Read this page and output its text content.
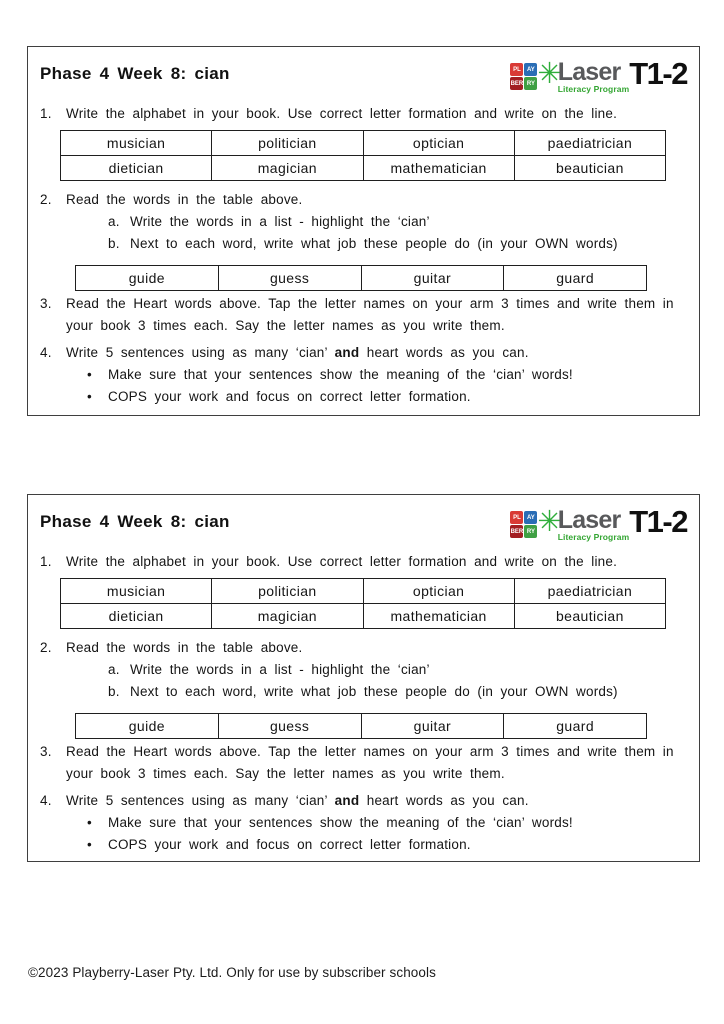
Phase 4 Week 8: cian	PL	AY
BER RY ✳
Laser
Literacy Program T1-2
1.	Write the alphabet in your book. Use correct letter formation and write on the line.
musician	politician	optician	paediatrician
dietician	magician	mathematician	beautician
2.	Read the words in the table above.
a. Write the words in a list - highlight the ‘cian’
b. Next to each word, write what job these people do (in your OWN words)
guide	guess	guitar	guard
3.	Read the Heart words above. Tap the letter names on your arm 3 times and write them in your book 3 times each. Say the letter names as you write them.
4.	Write 5 sentences using as many ‘cian’ and heart words as you can.
•	Make sure that your sentences show the meaning of the ‘cian’ words!
•	COPS your work and focus on correct letter formation.
Phase 4 Week 8: cian	PL	AY
BER RY ✳
Laser
Literacy Program T1-2
1.	Write the alphabet in your book. Use correct letter formation and write on the line.
musician	politician	optician	paediatrician
dietician	magician	mathematician	beautician
2.	Read the words in the table above.
a. Write the words in a list - highlight the ‘cian’
b. Next to each word, write what job these people do (in your OWN words)
guide	guess	guitar	guard
3.	Read the Heart words above. Tap the letter names on your arm 3 times and write them in your book 3 times each. Say the letter names as you write them.
4.	Write 5 sentences using as many ‘cian’ and heart words as you can.
•	Make sure that your sentences show the meaning of the ‘cian’ words!
•	COPS your work and focus on correct letter formation.
©2023 Playberry-Laser Pty. Ltd. Only for use by subscriber schools
